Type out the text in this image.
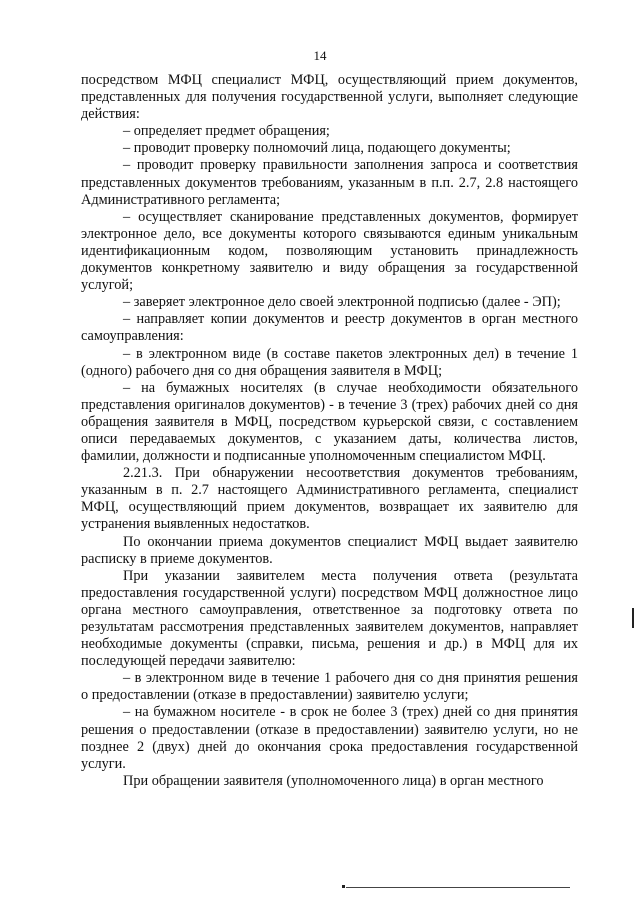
14

посредством МФЦ специалист МФЦ, осуществляющий прием документов, представленных для получения государственной услуги, выполняет следующие действия:

– определяет предмет обращения;

– проводит проверку полномочий лица, подающего документы;

– проводит проверку правильности заполнения запроса и соответствия представленных документов требованиям, указанным в п.п. 2.7, 2.8 настоящего Административного регламента;

– осуществляет сканирование представленных документов, формирует электронное дело, все документы которого связываются единым уникальным идентификационным кодом, позволяющим установить принадлежность документов конкретному заявителю и виду обращения за государственной услугой;

– заверяет электронное дело своей электронной подписью (далее - ЭП);

– направляет копии документов и реестр документов в орган местного самоуправления:

– в электронном виде (в составе пакетов электронных дел) в течение 1 (одного) рабочего дня со дня обращения заявителя в МФЦ;

– на бумажных носителях (в случае необходимости обязательного представления оригиналов документов) - в течение 3 (трех) рабочих дней со дня обращения заявителя в МФЦ, посредством курьерской связи, с составлением описи передаваемых документов, с указанием даты, количества листов, фамилии, должности и подписанные уполномоченным специалистом МФЦ.

2.21.3. При обнаружении несоответствия документов требованиям, указанным в п. 2.7 настоящего Административного регламента, специалист МФЦ, осуществляющий прием документов, возвращает их заявителю для устранения выявленных недостатков.

По окончании приема документов специалист МФЦ выдает заявителю расписку в приеме документов.

При указании заявителем места получения ответа (результата предоставления государственной услуги) посредством МФЦ должностное лицо органа местного самоуправления, ответственное за подготовку ответа по результатам рассмотрения представленных заявителем документов, направляет необходимые документы (справки, письма, решения и др.) в МФЦ для их последующей передачи заявителю:

– в электронном виде в течение 1 рабочего дня со дня принятия решения о предоставлении (отказе в предоставлении) заявителю услуги;

– на бумажном носителе - в срок не более 3 (трех) дней со дня принятия решения о предоставлении (отказе в предоставлении) заявителю услуги, но не позднее 2 (двух) дней до окончания срока предоставления государственной услуги.

При обращении заявителя (уполномоченного лица) в орган местного
